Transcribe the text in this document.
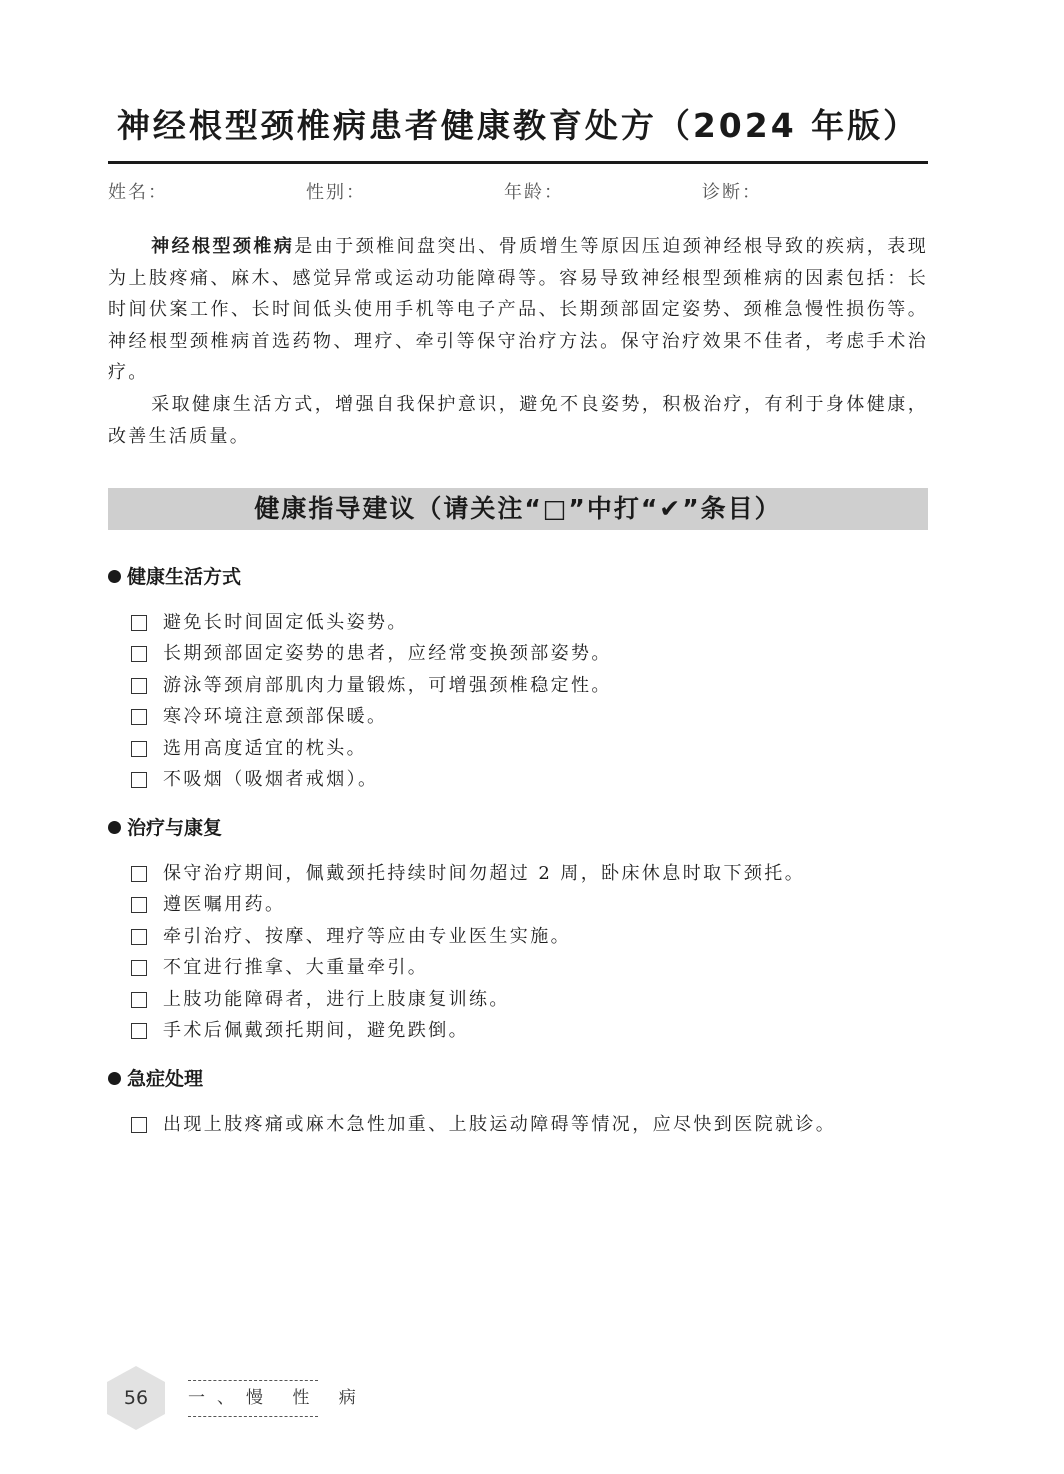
神经根型颈椎病患者健康教育处方（2024 年版）
姓名：	性别：	年龄：	诊断：

神经根型颈椎病是由于颈椎间盘突出、骨质增生等原因压迫颈神经根导致的疾病，表现为上肢疼痛、麻木、感觉异常或运动功能障碍等。容易导致神经根型颈椎病的因素包括：长时间伏案工作、长时间低头使用手机等电子产品、长期颈部固定姿势、颈椎急慢性损伤等。神经根型颈椎病首选药物、理疗、牵引等保守治疗方法。保守治疗效果不佳者，考虑手术治疗。

采取健康生活方式，增强自我保护意识，避免不良姿势，积极治疗，有利于身体健康，改善生活质量。

健康指导建议（请关注“□”中打“✔”条目）
健康生活方式
避免长时间固定低头姿势。
长期颈部固定姿势的患者，应经常变换颈部姿势。
游泳等颈肩部肌肉力量锻炼，可增强颈椎稳定性。
寒冷环境注意颈部保暖。
选用高度适宜的枕头。
不吸烟（吸烟者戒烟）。
治疗与康复
保守治疗期间，佩戴颈托持续时间勿超过 2 周，卧床休息时取下颈托。
遵医嘱用药。
牵引治疗、按摩、理疗等应由专业医生实施。
不宜进行推拿、大重量牵引。
上肢功能障碍者，进行上肢康复训练。
手术后佩戴颈托期间，避免跌倒。
急症处理
出现上肢疼痛或麻木急性加重、上肢运动障碍等情况，应尽快到医院就诊。
56	一、慢 性 病
